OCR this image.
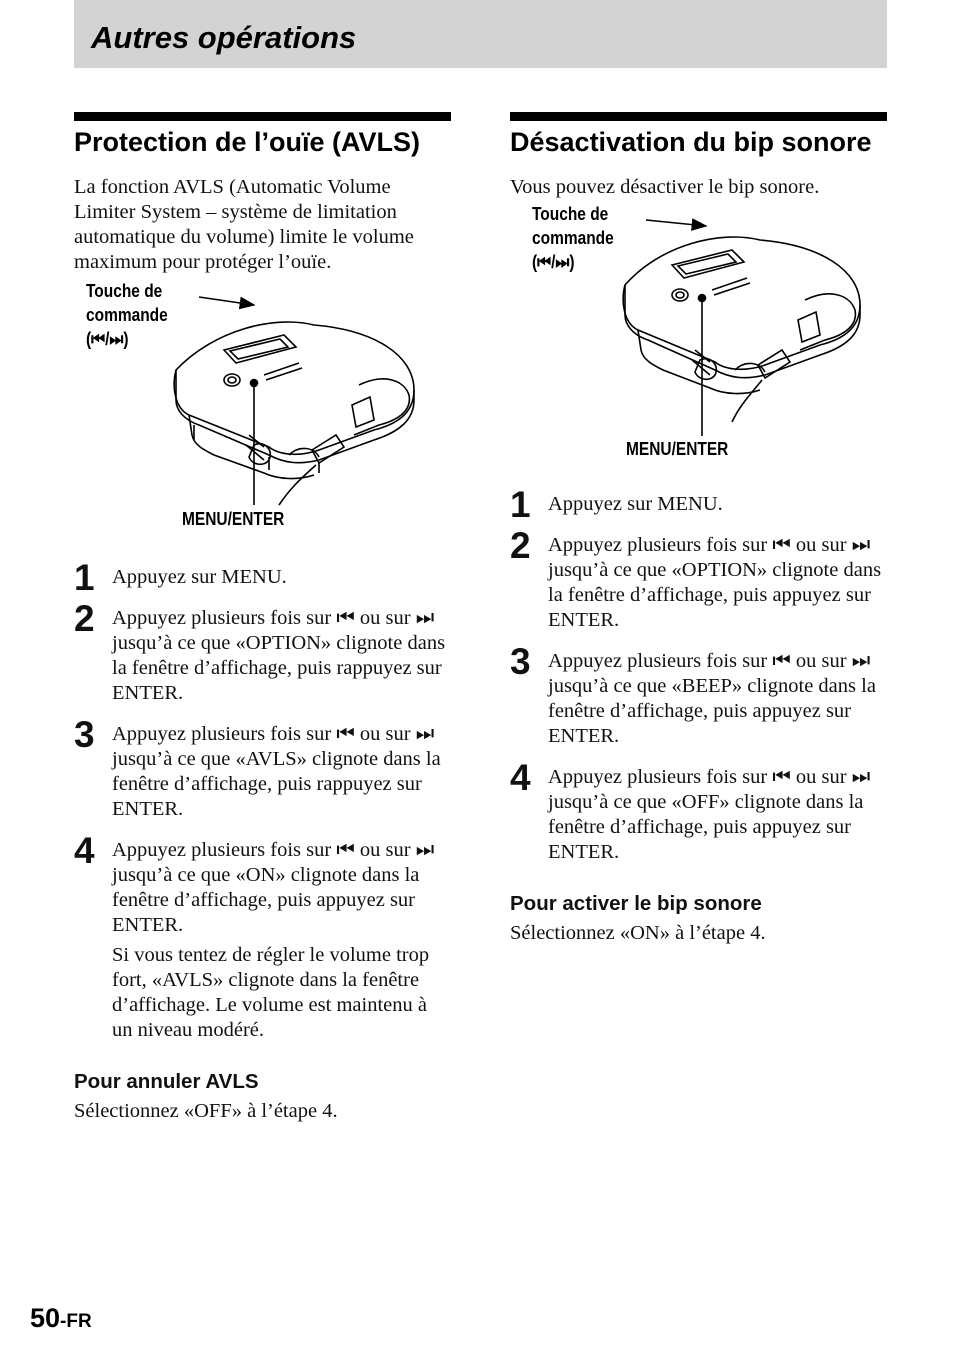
Autres opérations
Protection de l’ouïe (AVLS)

La fonction AVLS (Automatic Volume Limiter System – système de limitation automatique du volume) limite le volume maximum pour protéger l’ouïe.

Touche de
commande
(⏮/⏭)
MENU/ENTER
1 Appuyez sur MENU.

2 Appuyez plusieurs fois sur ⏮ ou sur ⏭ jusqu’à ce que «OPTION» clignote dans la fenêtre d’affichage, puis rappuyez sur ENTER.

3 Appuyez plusieurs fois sur ⏮ ou sur ⏭ jusqu’à ce que «AVLS» clignote dans la fenêtre d’affichage, puis rappuyez sur ENTER.

4 Appuyez plusieurs fois sur ⏮ ou sur ⏭ jusqu’à ce que «ON» clignote dans la fenêtre d’affichage, puis appuyez sur ENTER.

Si vous tentez de régler le volume trop fort, «AVLS» clignote dans la fenêtre d’affichage. Le volume est maintenu à un niveau modéré.

Pour annuler AVLS

Sélectionnez «OFF» à l’étape 4.

Désactivation du bip sonore

Vous pouvez désactiver le bip sonore.

Touche de
commande
(⏮/⏭)
MENU/ENTER
1 Appuyez sur MENU.

2 Appuyez plusieurs fois sur ⏮ ou sur ⏭ jusqu’à ce que «OPTION» clignote dans la fenêtre d’affichage, puis appuyez sur ENTER.

3 Appuyez plusieurs fois sur ⏮ ou sur ⏭ jusqu’à ce que «BEEP» clignote dans la fenêtre d’affichage, puis appuyez sur ENTER.

4 Appuyez plusieurs fois sur ⏮ ou sur ⏭ jusqu’à ce que «OFF» clignote dans la fenêtre d’affichage, puis appuyez sur ENTER.

Pour activer le bip sonore

Sélectionnez «ON» à l’étape 4.

50-FR
